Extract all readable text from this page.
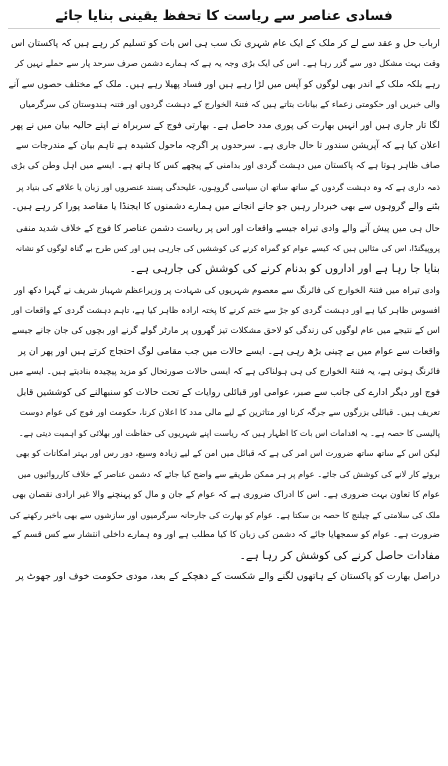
فسادی عناصر سے ریاست کا تحفظ یقینی بنایا جائے
ارباب حل و عقد سے لے کر ملک کے ایک عام شہری تک سب ہی اس بات کو تسلیم کر رہے ہیں کہ پاکستان اس
وقت بہت مشکل دور سے گزر رہا ہے۔ اس کی ایک بڑی وجہ یہ ہے کہ ہمارے دشمن صرف سرحد پار سے حملے نہیں کر
رہے بلکہ ملک کے اندر بھی لوگوں کو آپس میں لڑا رہے ہیں اور فساد پھیلا رہے ہیں۔ ملک کے مختلف حصوں سے آنے
والی خبریں اور حکومتی زعماء کے بیانات بتاتے ہیں کہ فتنۃ الخوارج کے دہشت گردوں اور فتنہ ہندوستان کی سرگرمیاں
لگا تار جاری ہیں اور انہیں بھارت کی پوری مدد حاصل ہے۔ بھارتی فوج کے سربراہ نے اپنے حالیہ بیان میں نے پھر
اعلان کیا ہے کہ آپریشن سندور تا حال جاری ہے۔ سرحدوں پر اگرچہ ماحول کشیدہ ہے تاہم بیان کے مندرجات سے
صاف ظاہر ہوتا ہے کہ پاکستان میں دہشت گردی اور بدامنی کے پیچھے کس کا ہاتھ ہے۔ ایسے میں اہل وطن کی بڑی
ذمہ داری ہے کہ وہ دہشت گردوں کے ساتھ ساتھ ان سیاسی گروہوں، علیحدگی پسند عنصروں اور زبان یا علاقے کی بنیاد پر
بٹنے والے گروہوں سے بھی خبردار رہیں جو جانے انجانے میں ہمارے دشمنوں کا ایجنڈا یا مقاصد پورا کر رہے ہیں۔
حال ہی میں پیش آنے والے وادی تیراہ جیسے واقعات اور اس پر ریاست دشمن عناصر کا فوج کے خلاف شدید منفی
پروپیگنڈا، اس کی مثالیں ہیں کہ کیسے عوام کو گمراہ کرنے کی کوششیں کی جارہی ہیں اور کس طرح بے گناہ لوگوں کو نشانہ
بنایا جا رہا ہے اور اداروں کو بدنام کرنے کی کوشش کی جارہی ہے۔
وادی تیراہ میں فتنۃ الخوارج کی فائرنگ سے معصوم شہریوں کی شہادت پر وزیراعظم شہباز شریف نے گہرا دکھ اور
افسوس ظاہر کیا ہے اور دہشت گردی کو جڑ سے ختم کرنے کا پختہ ارادہ ظاہر کیا ہے، تاہم دہشت گردی کے واقعات اور
اس کے نتیجے میں عام لوگوں کی زندگی کو لاحق مشکلات تیز گھروں پر مارٹر گولے گرنے اور بچوں کی جان جانے جیسے
واقعات سے عوام میں بے چینی بڑھ رہی ہے۔ ایسے حالات میں جب مقامی لوگ احتجاج کرتے ہیں اور پھر ان پر
فائرنگ ہوتی ہے، یہ فتنۃ الخوارج کی ہی ہولناکی ہے کہ ایسی حالات صورتحال کو مزید پیچیدہ بنادیتے ہیں۔ ایسے میں
فوج اور دیگر ادارے کی جانب سے صبر، عوامی اور قبائلی روایات کے تحت حالات کو سنبھالنے کی کوششیں قابل
تعریف ہیں۔ قبائلی بزرگوں سے جرگہ کرنا اور متاثرین کے لیے مالی مدد کا اعلان کرنا، حکومت اور فوج کی عوام دوست
پالیسی کا حصہ ہے۔ یہ اقدامات اس بات کا اظہار ہیں کہ ریاست اپنے شہریوں کی حفاظت اور بھلائی کو اہمیت دیتی ہے۔
لیکن اس کے ساتھ ساتھ ضرورت اس امر کی ہے کہ قبائل میں امن کے لیے زیادہ وسیع، دور رس اور بہتر امکانات کو بھی
بروئے کار لانے کی کوشش کی جائے۔ عوام پر ہر ممکن طریقے سے واضح کیا جائے کہ دشمن عناصر کے خلاف کارروائیوں میں
عوام کا تعاون بہت ضروری ہے۔ اس کا ادراک ضروری ہے کہ عوام کے جان و مال کو پہنچنے والا غیر ارادی نقصان بھی
ملک کی سلامتی کے چیلنج کا حصہ بن سکتا ہے۔ عوام کو بھارت کی جارحانہ سرگرمیوں اور سازشوں سے بھی باخبر رکھنے کی
ضرورت ہے۔ عوام کو سمجھایا جائے کہ دشمن کی زبان کا کیا مطلب ہے اور وہ ہمارے داخلی انتشار سے کس قسم کے
مفادات حاصل کرنے کی کوشش کر رہا ہے۔
دراصل بھارت کو پاکستان کے ہاتھوں لگنے والے شکست کے دھچکے کے بعد، مودی حکومت خوف اور جھوٹ پر
